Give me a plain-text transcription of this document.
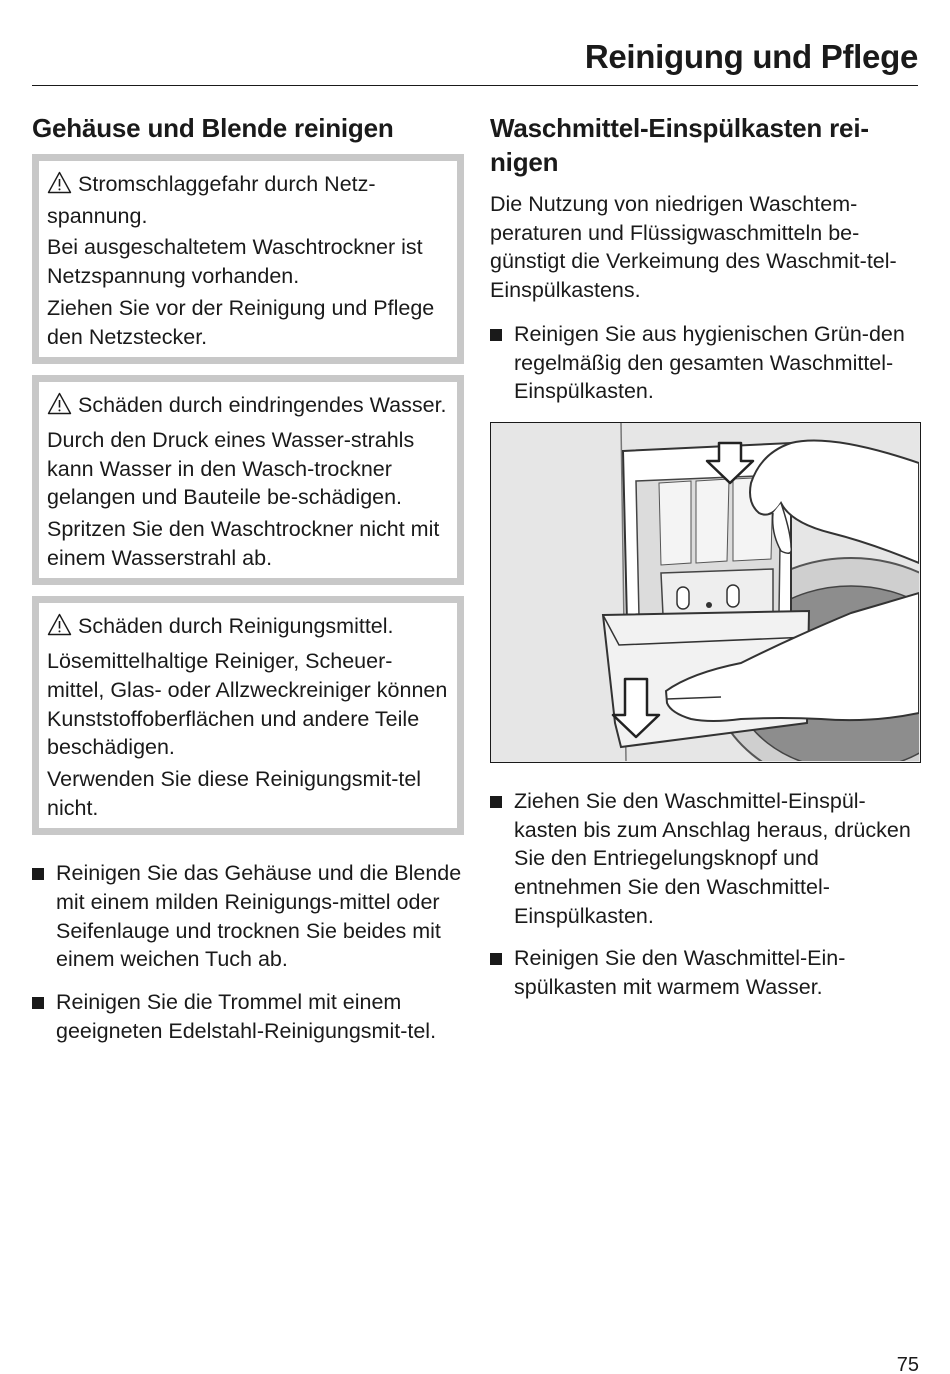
Reinigung und Pflege
Gehäuse und Blende reinigen

Stromschlaggefahr durch Netz-spannung.

Bei ausgeschaltetem Waschtrockner ist Netzspannung vorhanden.

Ziehen Sie vor der Reinigung und Pflege den Netzstecker.

Schäden durch eindringendes Wasser.

Durch den Druck eines Wasser-strahls kann Wasser in den Wasch-trockner gelangen und Bauteile be-schädigen.

Spritzen Sie den Waschtrockner nicht mit einem Wasserstrahl ab.

Schäden durch Reinigungsmittel.

Lösemittelhaltige Reiniger, Scheuer-mittel, Glas- oder Allzweckreiniger können Kunststoffoberflächen und andere Teile beschädigen.

Verwenden Sie diese Reinigungsmit-tel nicht.

Reinigen Sie das Gehäuse und die Blende mit einem milden Reinigungs-mittel oder Seifenlauge und trocknen Sie beides mit einem weichen Tuch ab.
Reinigen Sie die Trommel mit einem geeigneten Edelstahl-Reinigungsmit-tel.
Waschmittel-Einspülkasten rei-nigen

Die Nutzung von niedrigen Waschtem-peraturen und Flüssigwaschmitteln be-günstigt die Verkeimung des Waschmit-tel-Einspülkastens.

Reinigen Sie aus hygienischen Grün-den regelmäßig den gesamten Waschmittel-Einspülkasten.
Ziehen Sie den Waschmittel-Einspül-kasten bis zum Anschlag heraus, drücken Sie den Entriegelungsknopf und entnehmen Sie den Waschmittel-Einspülkasten.
Reinigen Sie den Waschmittel-Ein-spülkasten mit warmem Wasser.
75
